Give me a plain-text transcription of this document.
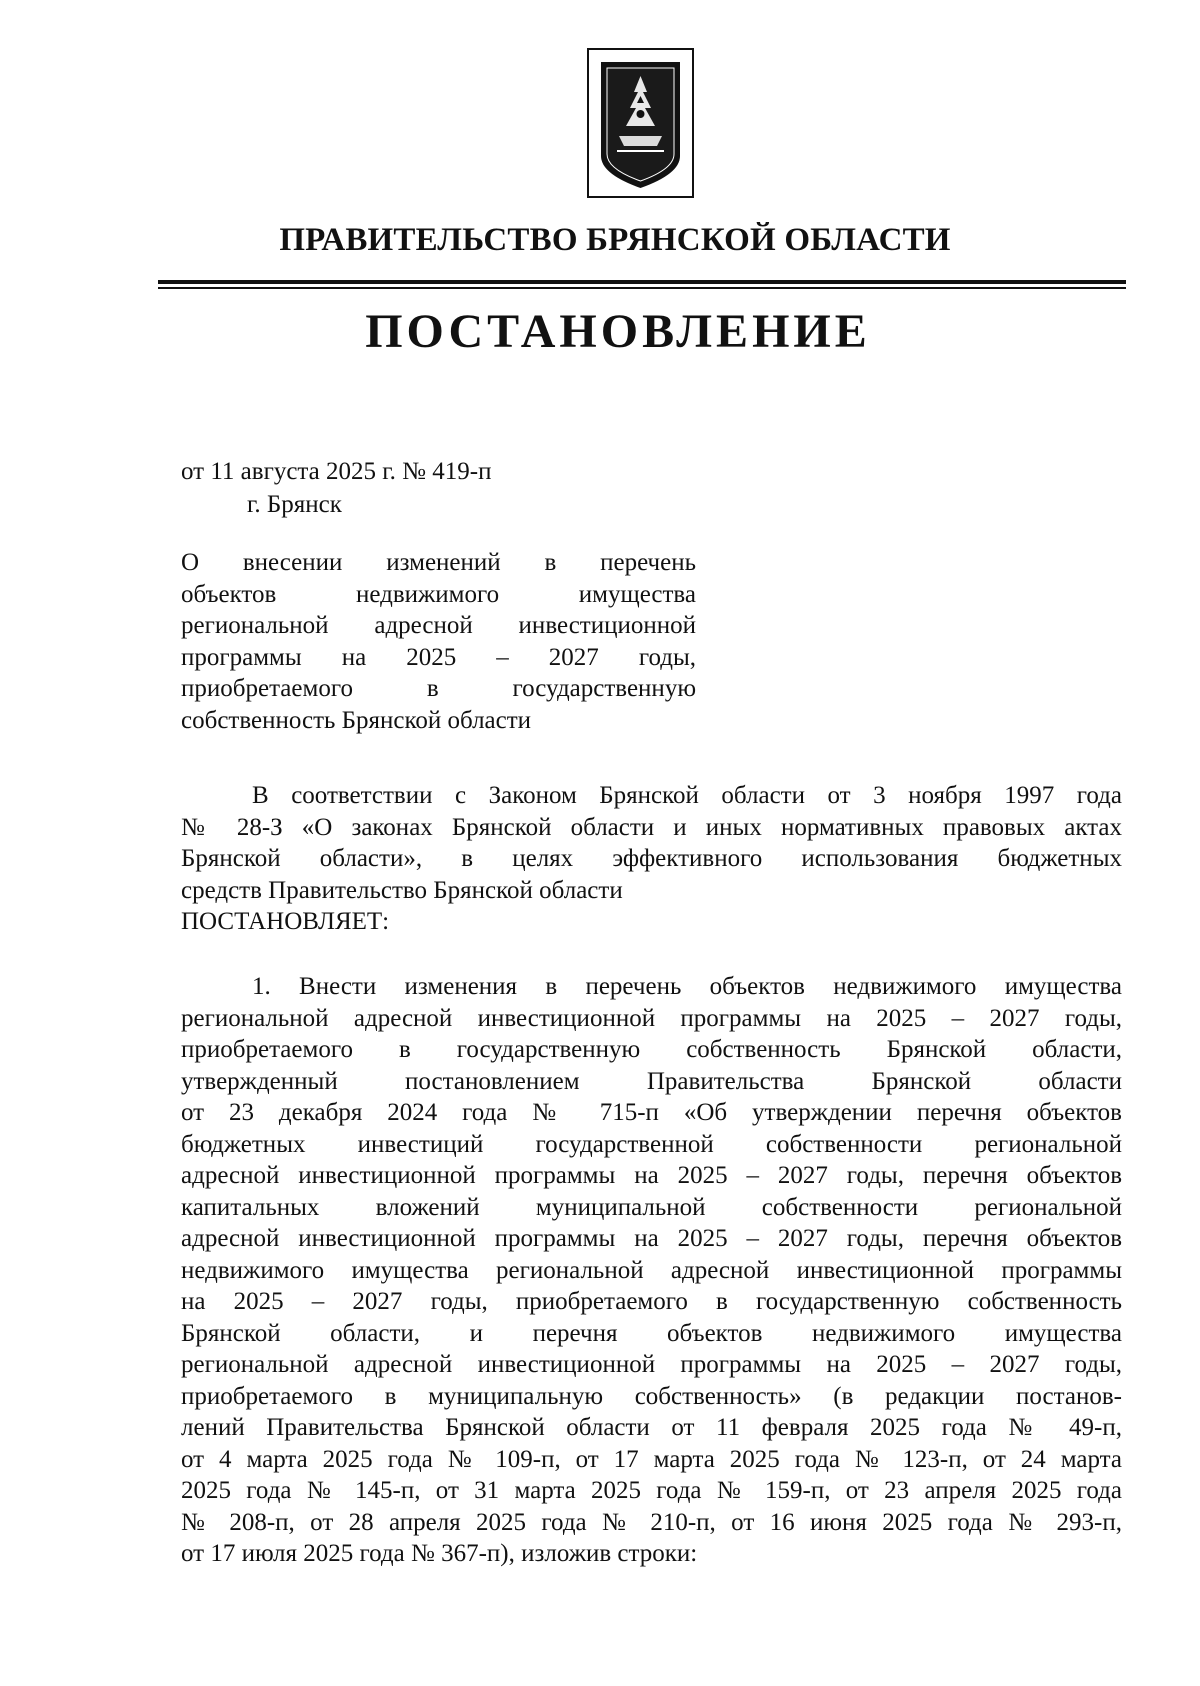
ПРАВИТЕЛЬСТВО БРЯНСКОЙ ОБЛАСТИ
ПОСТАНОВЛЕНИЕ
от 11 августа 2025 г. № 419-п
г. Брянск
О внесении изменений в перечень
объектов недвижимого имущества
региональной адресной инвестиционной
программы на 2025 – 2027 годы,
приобретаемого в государственную
собственность Брянской области
В соответствии с Законом Брянской области от 3 ноября 1997 года
№ 28-З «О законах Брянской области и иных нормативных правовых актах
Брянской области», в целях эффективного использования бюджетных
средств Правительство Брянской области
ПОСТАНОВЛЯЕТ:
1. Внести изменения в перечень объектов недвижимого имущества
региональной адресной инвестиционной программы на 2025 – 2027 годы,
приобретаемого в государственную собственность Брянской области,
утвержденный постановлением Правительства Брянской области
от 23 декабря 2024 года № 715-п «Об утверждении перечня объектов
бюджетных инвестиций государственной собственности региональной
адресной инвестиционной программы на 2025 – 2027 годы, перечня объектов
капитальных вложений муниципальной собственности региональной
адресной инвестиционной программы на 2025 – 2027 годы, перечня объектов
недвижимого имущества региональной адресной инвестиционной программы
на 2025 – 2027 годы, приобретаемого в государственную собственность
Брянской области, и перечня объектов недвижимого имущества
региональной адресной инвестиционной программы на 2025 – 2027 годы,
приобретаемого в муниципальную собственность» (в редакции постанов-
лений Правительства Брянской области от 11 февраля 2025 года № 49-п,
от 4 марта 2025 года № 109-п, от 17 марта 2025 года № 123-п, от 24 марта
2025 года № 145-п, от 31 марта 2025 года № 159-п, от 23 апреля 2025 года
№ 208-п, от 28 апреля 2025 года № 210-п, от 16 июня 2025 года № 293-п,
от 17 июля 2025 года № 367-п), изложив строки:
